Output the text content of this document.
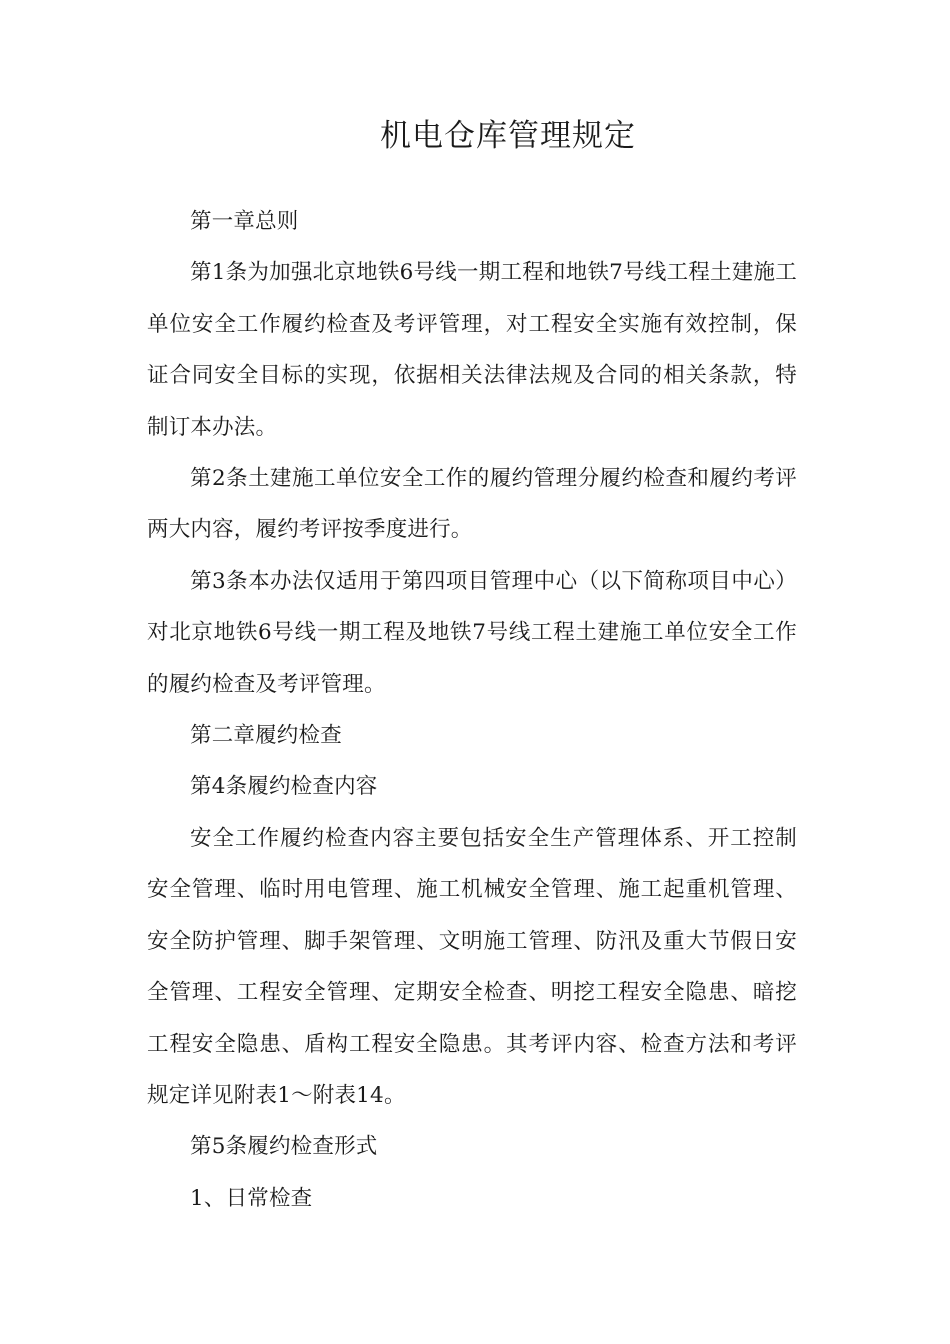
机电仓库管理规定

第一章总则

第1条为加强北京地铁6号线一期工程和地铁7号线工程土建施工单位安全工作履约检查及考评管理，对工程安全实施有效控制，保证合同安全目标的实现，依据相关法律法规及合同的相关条款，特制订本办法。

第2条土建施工单位安全工作的履约管理分履约检查和履约考评两大内容，履约考评按季度进行。

第3条本办法仅适用于第四项目管理中心（以下简称项目中心）对北京地铁6号线一期工程及地铁7号线工程土建施工单位安全工作的履约检查及考评管理。

第二章履约检查

第4条履约检查内容

安全工作履约检查内容主要包括安全生产管理体系、开工控制安全管理、临时用电管理、施工机械安全管理、施工起重机管理、安全防护管理、脚手架管理、文明施工管理、防汛及重大节假日安全管理、工程安全管理、定期安全检查、明挖工程安全隐患、暗挖工程安全隐患、盾构工程安全隐患。其考评内容、检查方法和考评规定详见附表1～附表14。

第5条履约检查形式

1、日常检查
